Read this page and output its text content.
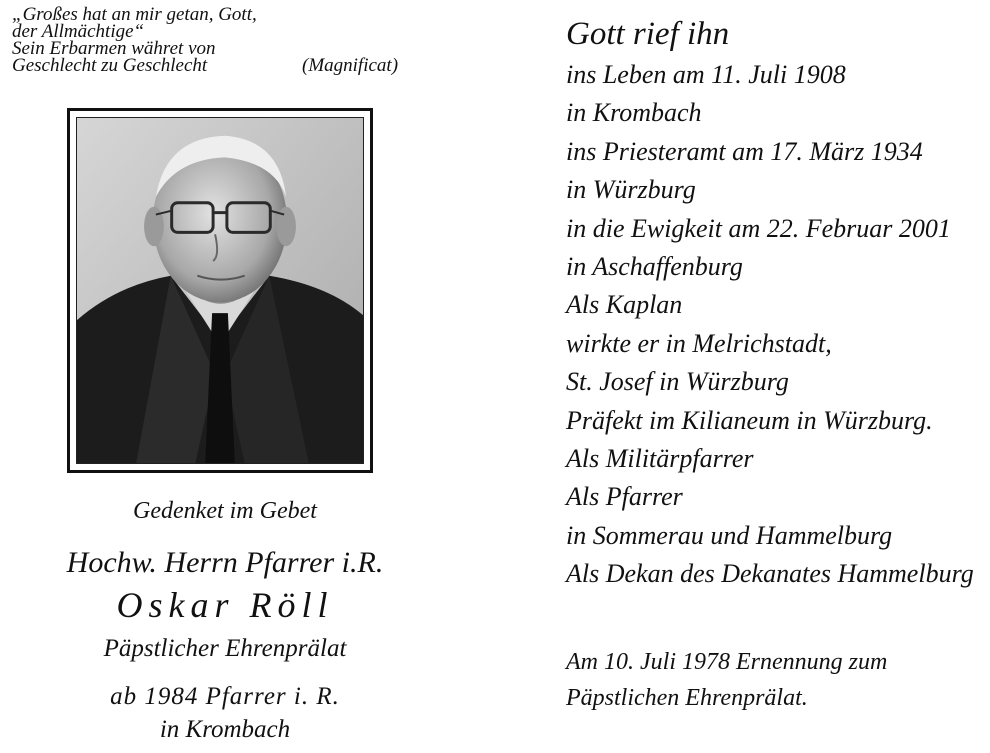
„Großes hat an mir getan, Gott,
der Allmächtige“
Sein Erbarmen währet von
Geschlecht zu Geschlecht	(Magnificat)
Gedenket im Gebet
Hochw. Herrn Pfarrer i.R.
Oskar Röll
Päpstlicher Ehrenprälat
ab 1984 Pfarrer i. R.
in Krombach
Gott rief ihn
ins Leben am 11. Juli 1908
in Krombach
ins Priesteramt am 17. März 1934
in Würzburg
in die Ewigkeit am 22. Februar 2001
in Aschaffenburg
Als Kaplan
wirkte er in Melrichstadt,
St. Josef in Würzburg
Präfekt im Kilianeum in Würzburg.
Als Militärpfarrer
Als Pfarrer
in Sommerau und Hammelburg
Als Dekan des Dekanates Hammelburg
Am 10. Juli 1978 Ernennung zum
Päpstlichen Ehrenprälat.
